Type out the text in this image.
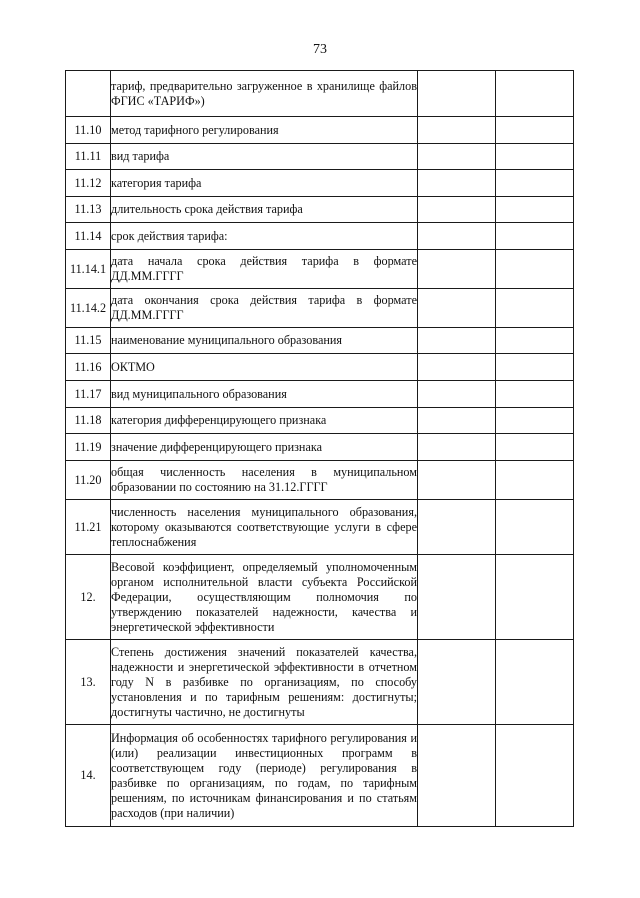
73
	тариф, предварительно загруженное в хранилище файлов ФГИС «ТАРИФ»)		
11.10	метод тарифного регулирования		
11.11	вид тарифа		
11.12	категория тарифа		
11.13	длительность срока действия тарифа		
11.14	срок действия тарифа:		
11.14.1	дата начала срока действия тарифа в формате ДД.ММ.ГГГГ		
11.14.2	дата окончания срока действия тарифа в формате ДД.ММ.ГГГГ		
11.15	наименование муниципального образования		
11.16	ОКТМО		
11.17	вид муниципального образования		
11.18	категория дифференцирующего признака		
11.19	значение дифференцирующего признака		
11.20	общая численность населения в муниципальном образовании по состоянию на 31.12.ГГГГ		
11.21	численность населения муниципального образования, которому оказываются соответствующие услуги в сфере теплоснабжения		
12.	Весовой коэффициент, определяемый уполномоченным органом исполнительной власти субъекта Российской Федерации, осуществляющим полномочия по утверждению показателей надежности, качества и энергетической эффективности		
13.	Степень достижения значений показателей качества, надежности и энергетической эффективности в отчетном году N в разбивке по организациям, по способу установления и по тарифным решениям: достигнуты; достигнуты частично, не достигнуты		
14.	Информация об особенностях тарифного регулирования и (или) реализации инвестиционных программ в соответствующем году (периоде) регулирования в разбивке по организациям, по годам, по тарифным решениям, по источникам финансирования и по статьям расходов (при наличии)		
